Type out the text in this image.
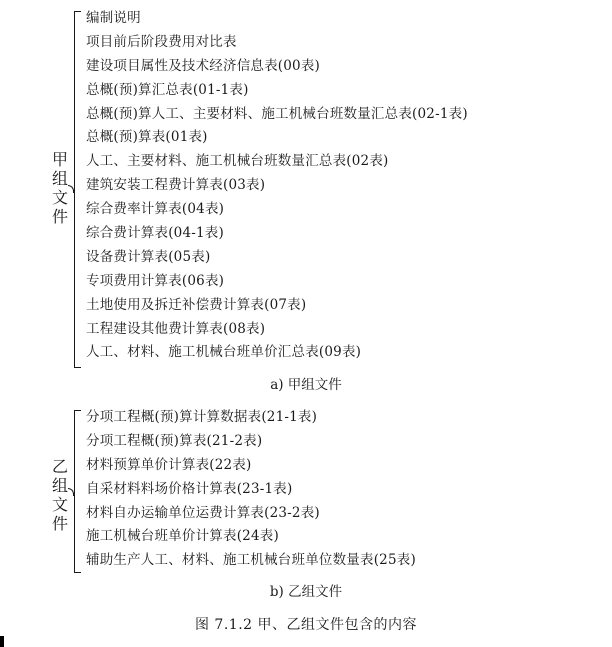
甲
组
文
件
编制说明
项目前后阶段费用对比表
建设项目属性及技术经济信息表(00表)
总概(预)算汇总表(01-1表)
总概(预)算人工、主要材料、施工机械台班数量汇总表(02-1表)
总概(预)算表(01表)
人工、主要材料、施工机械台班数量汇总表(02表)
建筑安装工程费计算表(03表)
综合费率计算表(04表)
综合费计算表(04-1表)
设备费计算表(05表)
专项费用计算表(06表)
土地使用及拆迁补偿费计算表(07表)
工程建设其他费计算表(08表)
人工、材料、施工机械台班单价汇总表(09表)
a) 甲组文件
乙
组
文
件
分项工程概(预)算计算数据表(21-1表)
分项工程概(预)算表(21-2表)
材料预算单价计算表(22表)
自采材料料场价格计算表(23-1表)
材料自办运输单位运费计算表(23-2表)
施工机械台班单价计算表(24表)
辅助生产人工、材料、施工机械台班单位数量表(25表)
b) 乙组文件
图 7.1.2 甲、乙组文件包含的内容
